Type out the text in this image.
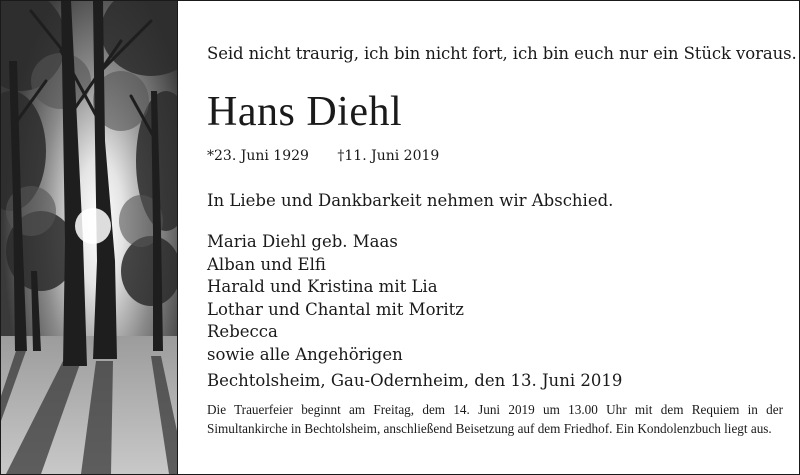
Seid nicht traurig, ich bin nicht fort, ich bin euch nur ein Stück voraus.
Hans Diehl
*23. Juni 1929 †11. Juni 2019
In Liebe und Dankbarkeit nehmen wir Abschied.
Maria Diehl geb. Maas
Alban und Elfi
Harald und Kristina mit Lia
Lothar und Chantal mit Moritz
Rebecca
sowie alle Angehörigen
Bechtolsheim, Gau-Odernheim, den 13. Juni 2019

Die Trauerfeier beginnt am Freitag, dem 14. Juni 2019 um 13.00 Uhr mit dem Requiem in der Simultankirche in Bechtolsheim, anschließend Beisetzung auf dem Friedhof. Ein Kondolenzbuch liegt aus.
